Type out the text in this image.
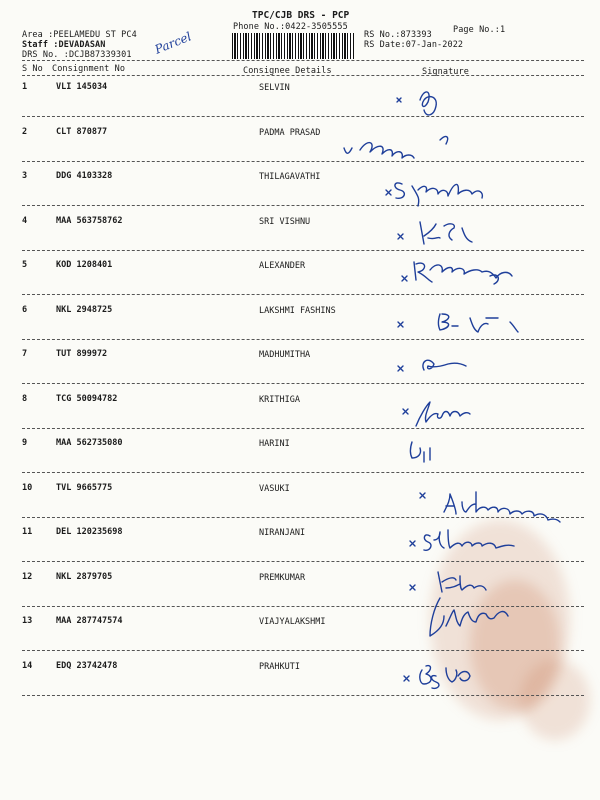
TPC/CJB DRS - PCP
Phone No.:0422-3505555	Page No.:1
Area :PEELAMEDU ST PC4
Staff :DEVADASAN
DRS No. :DCJB87339301
RS No.:873393
RS Date:07-Jan-2022
Parcel
S No Consignment No	Consignee Details	Signature
1	VLI 145034	SELVIN
2	CLT 870877	PADMA PRASAD
3	DDG 4103328	THILAGAVATHI
4	MAA 563758762	SRI VISHNU
5	KOD 1208401	ALEXANDER
6	NKL 2948725	LAKSHMI FASHINS
7	TUT 899972	MADHUMITHA
8	TCG 50094782	KRITHIGA
9	MAA 562735080	HARINI
10	TVL 9665775	VASUKI
11	DEL 120235698	NIRANJANI
12	NKL 2879705	PREMKUMAR
13	MAA 287747574	VIAJYALAKSHMI
14	EDQ 23742478	PRAHKUTI
